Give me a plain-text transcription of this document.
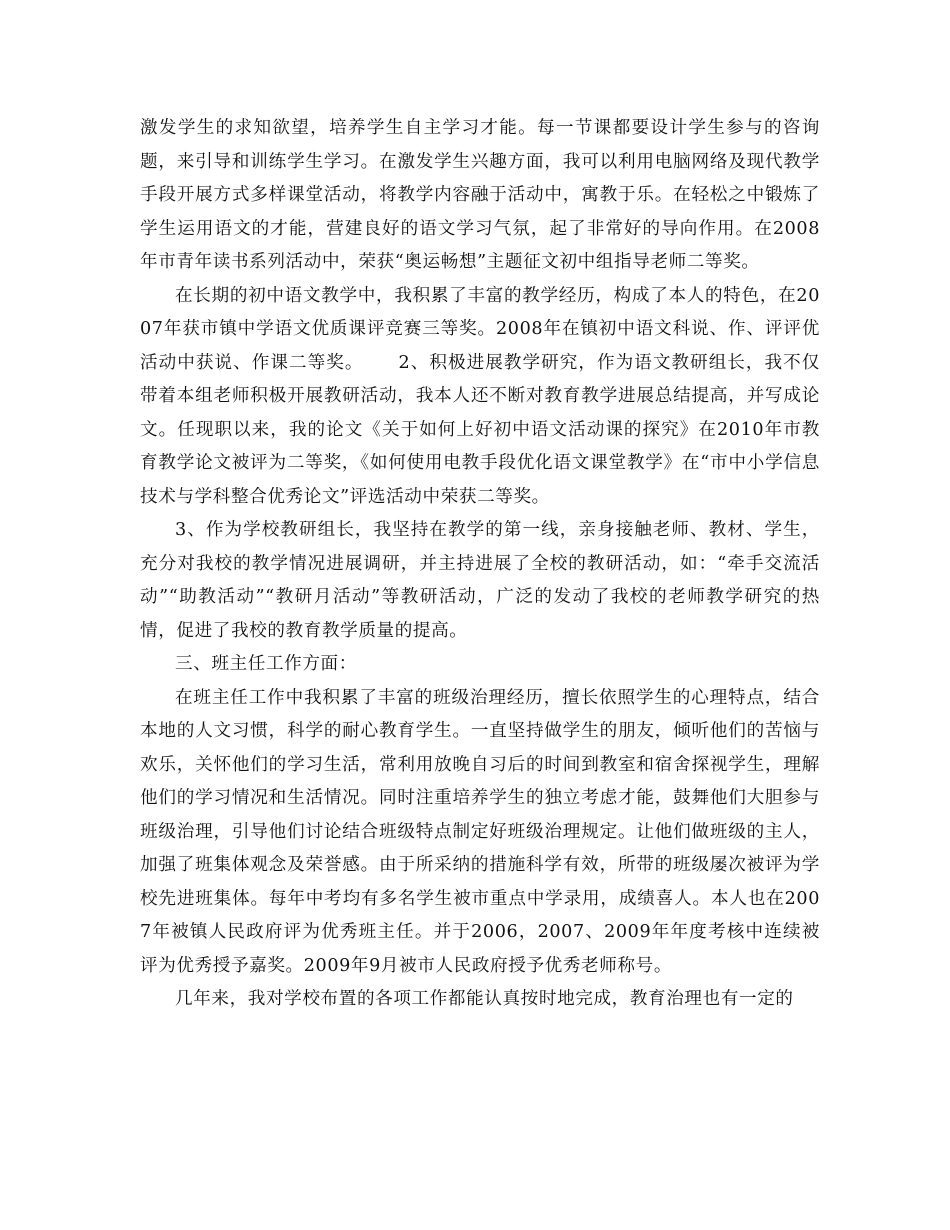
激发学生的求知欲望，培养学生自主学习才能。每一节课都要设计学生参与的咨询题，来引导和训练学生学习。在激发学生兴趣方面，我可以利用电脑网络及现代教学手段开展方式多样课堂活动，将教学内容融于活动中，寓教于乐。在轻松之中锻炼了学生运用语文的才能，营建良好的语文学习气氛，起了非常好的导向作用。在2008年市青年读书系列活动中，荣获“奥运畅想”主题征文初中组指导老师二等奖。

在长期的初中语文教学中，我积累了丰富的教学经历，构成了本人的特色，在2007年获市镇中学语文优质课评竞赛三等奖。2008年在镇初中语文科说、作、评评优活动中获说、作课二等奖。　　 2、积极进展教学研究，作为语文教研组长，我不仅带着本组老师积极开展教研活动，我本人还不断对教育教学进展总结提高，并写成论文。任现职以来，我的论文《关于如何上好初中语文活动课的探究》在2010年市教育教学论文被评为二等奖，《如何使用电教手段优化语文课堂教学》在“市中小学信息技术与学科整合优秀论文”评选活动中荣获二等奖。

3、作为学校教研组长，我坚持在教学的第一线，亲身接触老师、教材、学生，充分对我校的教学情况进展调研，并主持进展了全校的教研活动，如：“牵手交流活动”“助教活动”“教研月活动”等教研活动，广泛的发动了我校的老师教学研究的热情，促进了我校的教育教学质量的提高。

三、班主任工作方面：

在班主任工作中我积累了丰富的班级治理经历，擅长依照学生的心理特点，结合本地的人文习惯，科学的耐心教育学生。一直坚持做学生的朋友，倾听他们的苦恼与欢乐，关怀他们的学习生活，常利用放晚自习后的时间到教室和宿舍探视学生，理解他们的学习情况和生活情况。同时注重培养学生的独立考虑才能，鼓舞他们大胆参与班级治理，引导他们讨论结合班级特点制定好班级治理规定。让他们做班级的主人，加强了班集体观念及荣誉感。由于所采纳的措施科学有效，所带的班级屡次被评为学校先进班集体。每年中考均有多名学生被市重点中学录用，成绩喜人。本人也在2007年被镇人民政府评为优秀班主任。并于2006，2007、2009年年度考核中连续被评为优秀授予嘉奖。2009年9月被市人民政府授予优秀老师称号。

几年来，我对学校布置的各项工作都能认真按时地完成，教育治理也有一定的
